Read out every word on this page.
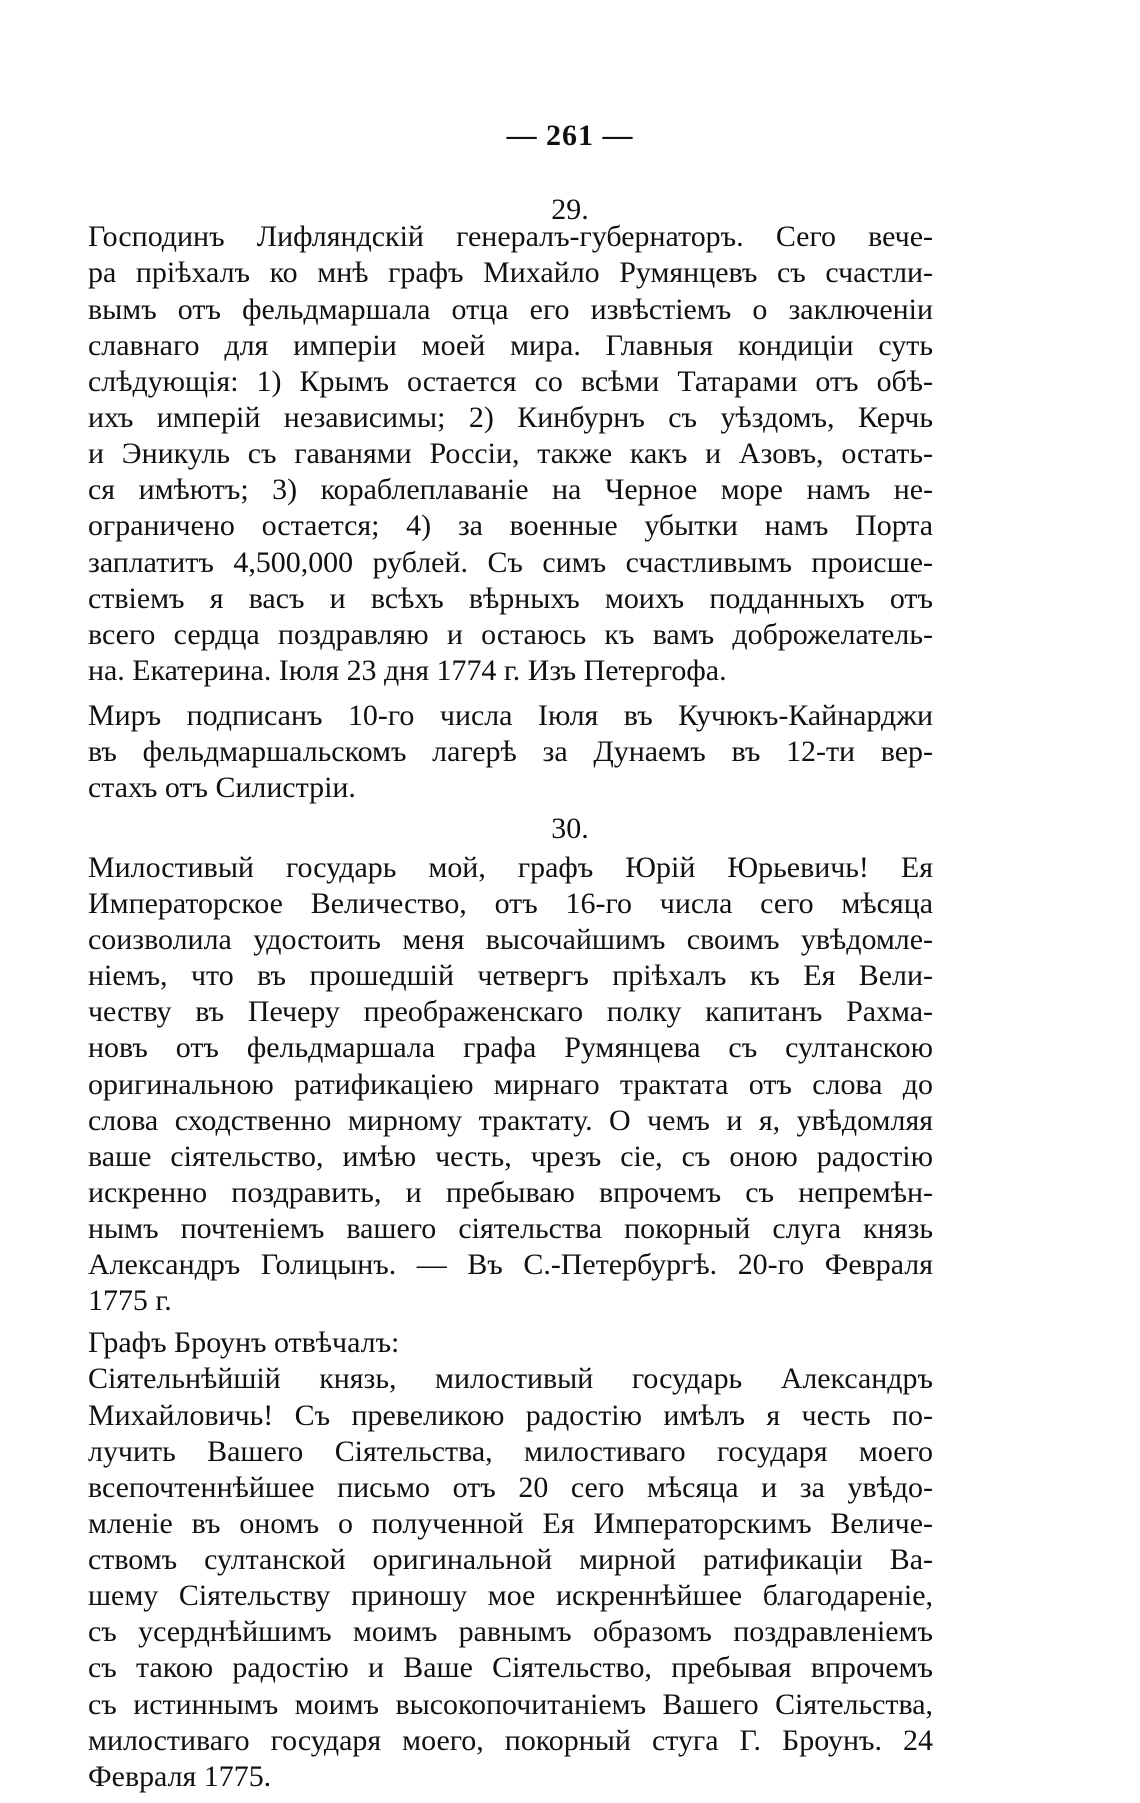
— 261 —
29.
Господинъ Лифляндскій генералъ-губернаторъ. Сего вече-
ра пріѣхалъ ко мнѣ графъ Михайло Румянцевъ съ счастли-
вымъ отъ фельдмаршала отца его извѣстіемъ о заключеніи
славнаго для имперіи моей мира. Главныя кондиціи суть
слѣдующія: 1) Крымъ остается со всѣми Татарами отъ обѣ-
ихъ имперій независимы; 2) Кинбурнъ съ уѣздомъ, Керчь
и Эникуль съ гаванями Россіи, также какъ и Азовъ, остать-
ся имѣютъ; 3) кораблеплаваніе на Черное море намъ не-
ограничено остается; 4) за военные убытки намъ Порта
заплатитъ 4,500,000 рублей. Съ симъ счастливымъ происше-
ствіемъ я васъ и всѣхъ вѣрныхъ моихъ подданныхъ отъ
всего сердца поздравляю и остаюсь къ вамъ доброжелатель-
на. Екатерина. Іюля 23 дня 1774 г. Изъ Петергофа.
Миръ подписанъ 10-го числа Іюля въ Кучюкъ-Кайнарджи
въ фельдмаршальскомъ лагерѣ за Дунаемъ въ 12-ти вер-
стахъ отъ Силистріи.
30.
Милостивый государь мой, графъ Юрій Юрьевичь! Ея
Императорское Величество, отъ 16-го числа сего мѣсяца
соизволила удостоить меня высочайшимъ своимъ увѣдомле-
ніемъ, что въ прошедшій четвергъ пріѣхалъ къ Ея Вели-
честву въ Печеру преображенскаго полку капитанъ Рахма-
новъ отъ фельдмаршала графа Румянцева съ султанскою
оригинальною ратификаціею мирнаго трактата отъ слова до
слова сходственно мирному трактату. О чемъ и я, увѣдомляя
ваше сіятельство, имѣю честь, чрезъ сіе, съ оною радостію
искренно поздравить, и пребываю впрочемъ съ непремѣн-
нымъ почтеніемъ вашего сіятельства покорный слуга князь
Александръ Голицынъ. — Въ С.-Петербургѣ. 20-го Февраля
1775 г.
Графъ Броунъ отвѣчалъ:
Сіятельнѣйшій князь, милостивый государь Александръ
Михайловичь! Съ превеликою радостію имѣлъ я честь по-
лучить Вашего Сіятельства, милостиваго государя моего
всепочтеннѣйшее письмо отъ 20 сего мѣсяца и за увѣдо-
мленіе въ ономъ о полученной Ея Императорскимъ Величе-
ствомъ султанской оригинальной мирной ратификаціи Ва-
шему Сіятельству приношу мое искреннѣйшее благодареніе,
съ усерднѣйшимъ моимъ равнымъ образомъ поздравленіемъ
съ такою радостію и Ваше Сіятельство, пребывая впрочемъ
съ истиннымъ моимъ высокопочитаніемъ Вашего Сіятельства,
милостиваго государя моего, покорный стуга Г. Броунъ. 24
Февраля 1775.
